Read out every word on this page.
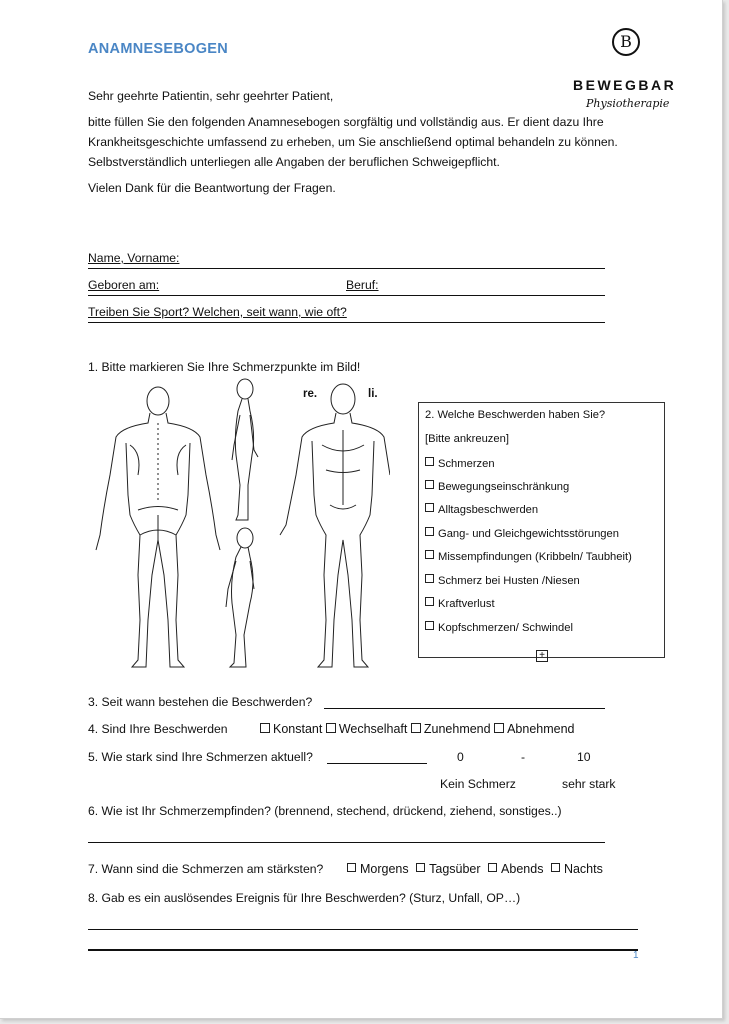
ANAMNESEBOGEN	B
BEWEGBAR
Physiotherapie

Sehr geehrte Patientin, sehr geehrter Patient,

bitte füllen Sie den folgenden Anamnesebogen sorgfältig und vollständig aus. Er dient dazu Ihre Krankheitsgeschichte umfassend zu erheben, um Sie anschließend optimal behandeln zu können. Selbstverständlich unterliegen alle Angaben der beruflichen Schweigepflicht.

Vielen Dank für die Beantwortung der Fragen.

Name, Vorname:
Geboren am:	Beruf:
Treiben Sie Sport? Welchen, seit wann, wie oft?
1. Bitte markieren Sie Ihre Schmerzpunkte im Bild!
re.	li.
2. Welche Beschwerden haben Sie?
[Bitte ankreuzen]
Schmerzen
Bewegungseinschränkung
Alltagsbeschwerden
Gang- und Gleichgewichtsstörungen
Missempfindungen (Kribbeln/ Taubheit)
Schmerz bei Husten /Niesen
Kraftverlust
Kopfschmerzen/ Schwindel
+
3. Seit wann bestehen die Beschwerden?
4. Sind Ihre Beschwerden	Konstant Wechselhaft Zunehmend Abnehmend
5. Wie stark sind Ihre Schmerzen aktuell?	0	-	10
Kein Schmerz	sehr stark
6. Wie ist Ihr Schmerzempfinden? (brennend, stechend, drückend, ziehend, sonstiges..)
7. Wann sind die Schmerzen am stärksten?	Morgens Tagsüber Abends Nachts
8. Gab es ein auslösendes Ereignis für Ihre Beschwerden? (Sturz, Unfall, OP…)
1
